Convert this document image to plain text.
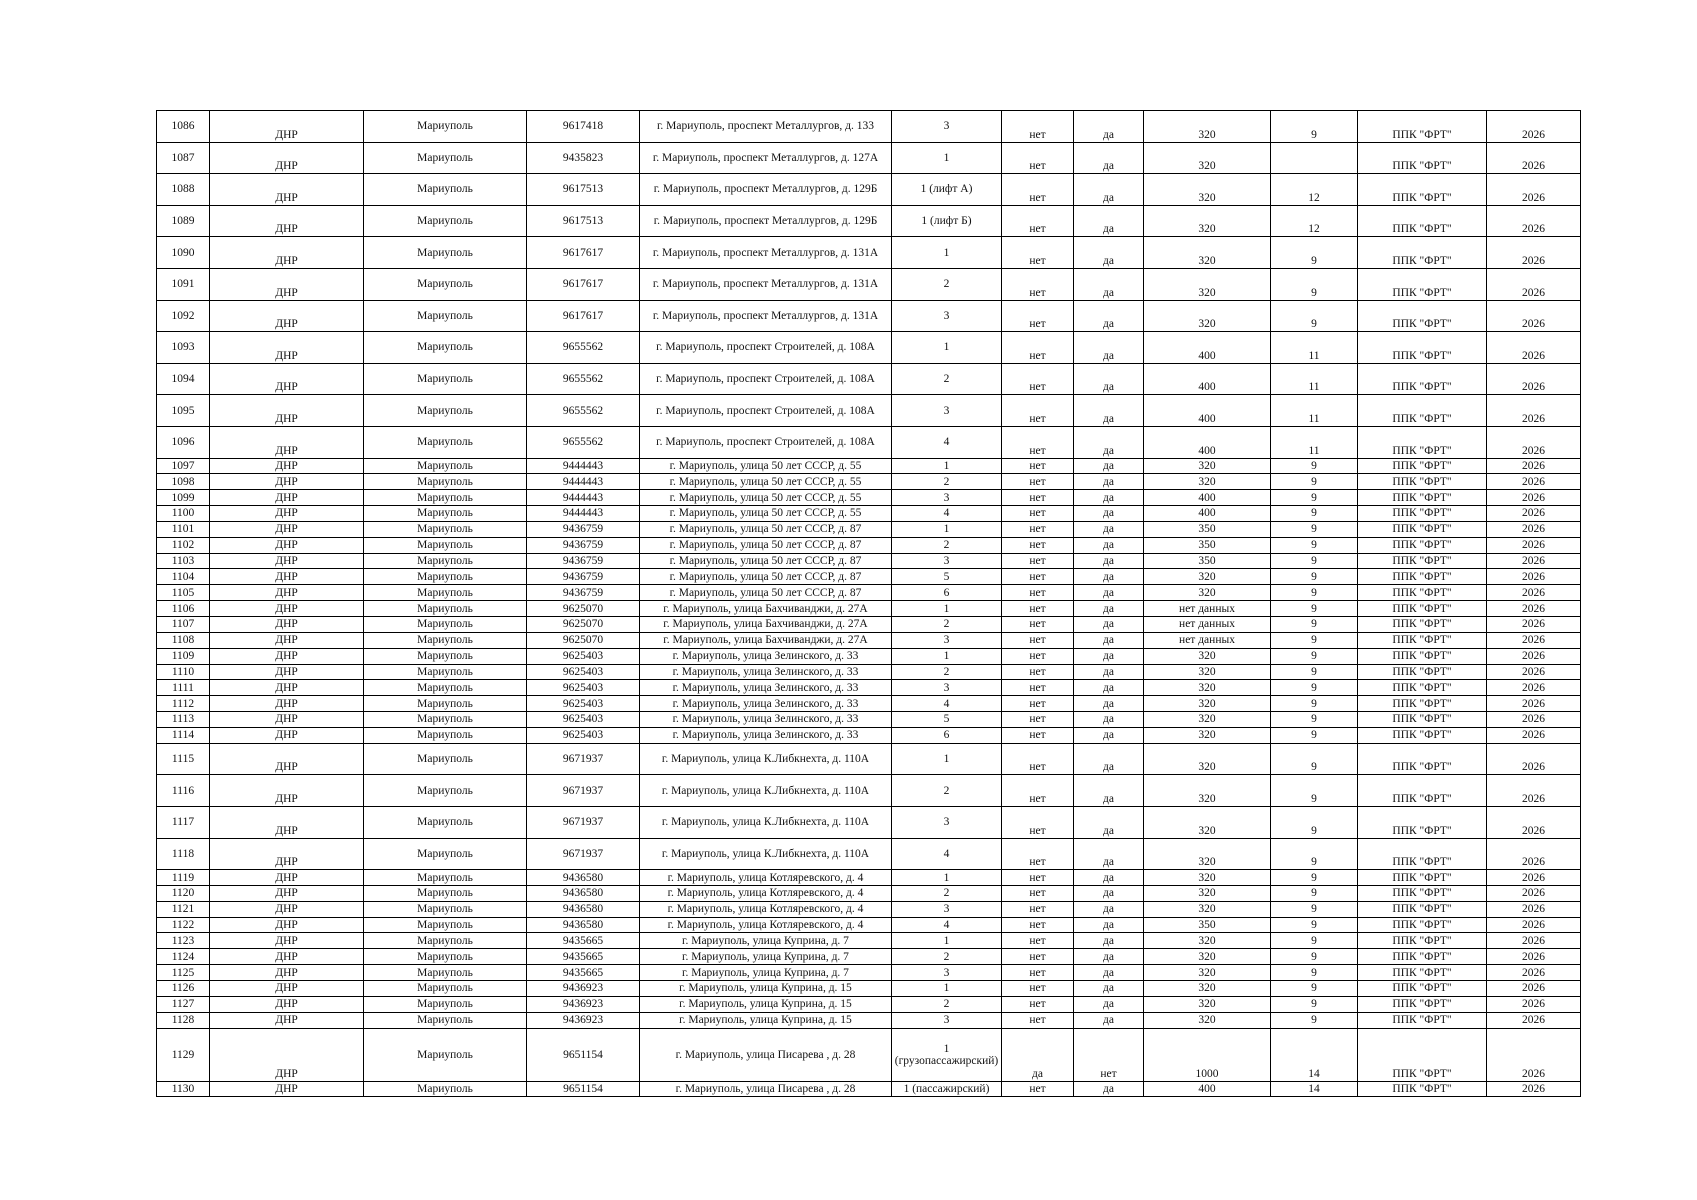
1086	ДНР	Мариуполь	9617418	г. Мариуполь, проспект Металлургов, д. 133	3	нет	да	320	9	ППК "ФРТ"	2026
1087	ДНР	Мариуполь	9435823	г. Мариуполь, проспект Металлургов, д. 127А	1	нет	да	320		ППК "ФРТ"	2026
1088	ДНР	Мариуполь	9617513	г. Мариуполь, проспект Металлургов, д. 129Б	1 (лифт А)	нет	да	320	12	ППК "ФРТ"	2026
1089	ДНР	Мариуполь	9617513	г. Мариуполь, проспект Металлургов, д. 129Б	1 (лифт Б)	нет	да	320	12	ППК "ФРТ"	2026
1090	ДНР	Мариуполь	9617617	г. Мариуполь, проспект Металлургов, д. 131А	1	нет	да	320	9	ППК "ФРТ"	2026
1091	ДНР	Мариуполь	9617617	г. Мариуполь, проспект Металлургов, д. 131А	2	нет	да	320	9	ППК "ФРТ"	2026
1092	ДНР	Мариуполь	9617617	г. Мариуполь, проспект Металлургов, д. 131А	3	нет	да	320	9	ППК "ФРТ"	2026
1093	ДНР	Мариуполь	9655562	г. Мариуполь, проспект Строителей, д. 108А	1	нет	да	400	11	ППК "ФРТ"	2026
1094	ДНР	Мариуполь	9655562	г. Мариуполь, проспект Строителей, д. 108А	2	нет	да	400	11	ППК "ФРТ"	2026
1095	ДНР	Мариуполь	9655562	г. Мариуполь, проспект Строителей, д. 108А	3	нет	да	400	11	ППК "ФРТ"	2026
1096	ДНР	Мариуполь	9655562	г. Мариуполь, проспект Строителей, д. 108А	4	нет	да	400	11	ППК "ФРТ"	2026
1097	ДНР	Мариуполь	9444443	г. Мариуполь, улица 50 лет СССР, д. 55	1	нет	да	320	9	ППК "ФРТ"	2026
1098	ДНР	Мариуполь	9444443	г. Мариуполь, улица 50 лет СССР, д. 55	2	нет	да	320	9	ППК "ФРТ"	2026
1099	ДНР	Мариуполь	9444443	г. Мариуполь, улица 50 лет СССР, д. 55	3	нет	да	400	9	ППК "ФРТ"	2026
1100	ДНР	Мариуполь	9444443	г. Мариуполь, улица 50 лет СССР, д. 55	4	нет	да	400	9	ППК "ФРТ"	2026
1101	ДНР	Мариуполь	9436759	г. Мариуполь, улица 50 лет СССР, д. 87	1	нет	да	350	9	ППК "ФРТ"	2026
1102	ДНР	Мариуполь	9436759	г. Мариуполь, улица 50 лет СССР, д. 87	2	нет	да	350	9	ППК "ФРТ"	2026
1103	ДНР	Мариуполь	9436759	г. Мариуполь, улица 50 лет СССР, д. 87	3	нет	да	350	9	ППК "ФРТ"	2026
1104	ДНР	Мариуполь	9436759	г. Мариуполь, улица 50 лет СССР, д. 87	5	нет	да	320	9	ППК "ФРТ"	2026
1105	ДНР	Мариуполь	9436759	г. Мариуполь, улица 50 лет СССР, д. 87	6	нет	да	320	9	ППК "ФРТ"	2026
1106	ДНР	Мариуполь	9625070	г. Мариуполь, улица Бахчиванджи, д. 27А	1	нет	да	нет данных	9	ППК "ФРТ"	2026
1107	ДНР	Мариуполь	9625070	г. Мариуполь, улица Бахчиванджи, д. 27А	2	нет	да	нет данных	9	ППК "ФРТ"	2026
1108	ДНР	Мариуполь	9625070	г. Мариуполь, улица Бахчиванджи, д. 27А	3	нет	да	нет данных	9	ППК "ФРТ"	2026
1109	ДНР	Мариуполь	9625403	г. Мариуполь, улица Зелинского, д. 33	1	нет	да	320	9	ППК "ФРТ"	2026
1110	ДНР	Мариуполь	9625403	г. Мариуполь, улица Зелинского, д. 33	2	нет	да	320	9	ППК "ФРТ"	2026
1111	ДНР	Мариуполь	9625403	г. Мариуполь, улица Зелинского, д. 33	3	нет	да	320	9	ППК "ФРТ"	2026
1112	ДНР	Мариуполь	9625403	г. Мариуполь, улица Зелинского, д. 33	4	нет	да	320	9	ППК "ФРТ"	2026
1113	ДНР	Мариуполь	9625403	г. Мариуполь, улица Зелинского, д. 33	5	нет	да	320	9	ППК "ФРТ"	2026
1114	ДНР	Мариуполь	9625403	г. Мариуполь, улица Зелинского, д. 33	6	нет	да	320	9	ППК "ФРТ"	2026
1115	ДНР	Мариуполь	9671937	г. Мариуполь, улица К.Либкнехта, д. 110А	1	нет	да	320	9	ППК "ФРТ"	2026
1116	ДНР	Мариуполь	9671937	г. Мариуполь, улица К.Либкнехта, д. 110А	2	нет	да	320	9	ППК "ФРТ"	2026
1117	ДНР	Мариуполь	9671937	г. Мариуполь, улица К.Либкнехта, д. 110А	3	нет	да	320	9	ППК "ФРТ"	2026
1118	ДНР	Мариуполь	9671937	г. Мариуполь, улица К.Либкнехта, д. 110А	4	нет	да	320	9	ППК "ФРТ"	2026
1119	ДНР	Мариуполь	9436580	г. Мариуполь, улица Котляревского, д. 4	1	нет	да	320	9	ППК "ФРТ"	2026
1120	ДНР	Мариуполь	9436580	г. Мариуполь, улица Котляревского, д. 4	2	нет	да	320	9	ППК "ФРТ"	2026
1121	ДНР	Мариуполь	9436580	г. Мариуполь, улица Котляревского, д. 4	3	нет	да	320	9	ППК "ФРТ"	2026
1122	ДНР	Мариуполь	9436580	г. Мариуполь, улица Котляревского, д. 4	4	нет	да	350	9	ППК "ФРТ"	2026
1123	ДНР	Мариуполь	9435665	г. Мариуполь, улица Куприна, д. 7	1	нет	да	320	9	ППК "ФРТ"	2026
1124	ДНР	Мариуполь	9435665	г. Мариуполь, улица Куприна, д. 7	2	нет	да	320	9	ППК "ФРТ"	2026
1125	ДНР	Мариуполь	9435665	г. Мариуполь, улица Куприна, д. 7	3	нет	да	320	9	ППК "ФРТ"	2026
1126	ДНР	Мариуполь	9436923	г. Мариуполь, улица Куприна, д. 15	1	нет	да	320	9	ППК "ФРТ"	2026
1127	ДНР	Мариуполь	9436923	г. Мариуполь, улица Куприна, д. 15	2	нет	да	320	9	ППК "ФРТ"	2026
1128	ДНР	Мариуполь	9436923	г. Мариуполь, улица Куприна, д. 15	3	нет	да	320	9	ППК "ФРТ"	2026
1129	ДНР	Мариуполь	9651154	г. Мариуполь, улица Писарева , д. 28	1 (грузопассажирский)	да	нет	1000	14	ППК "ФРТ"	2026
1130	ДНР	Мариуполь	9651154	г. Мариуполь, улица Писарева , д. 28	1 (пассажирский)	нет	да	400	14	ППК "ФРТ"	2026
